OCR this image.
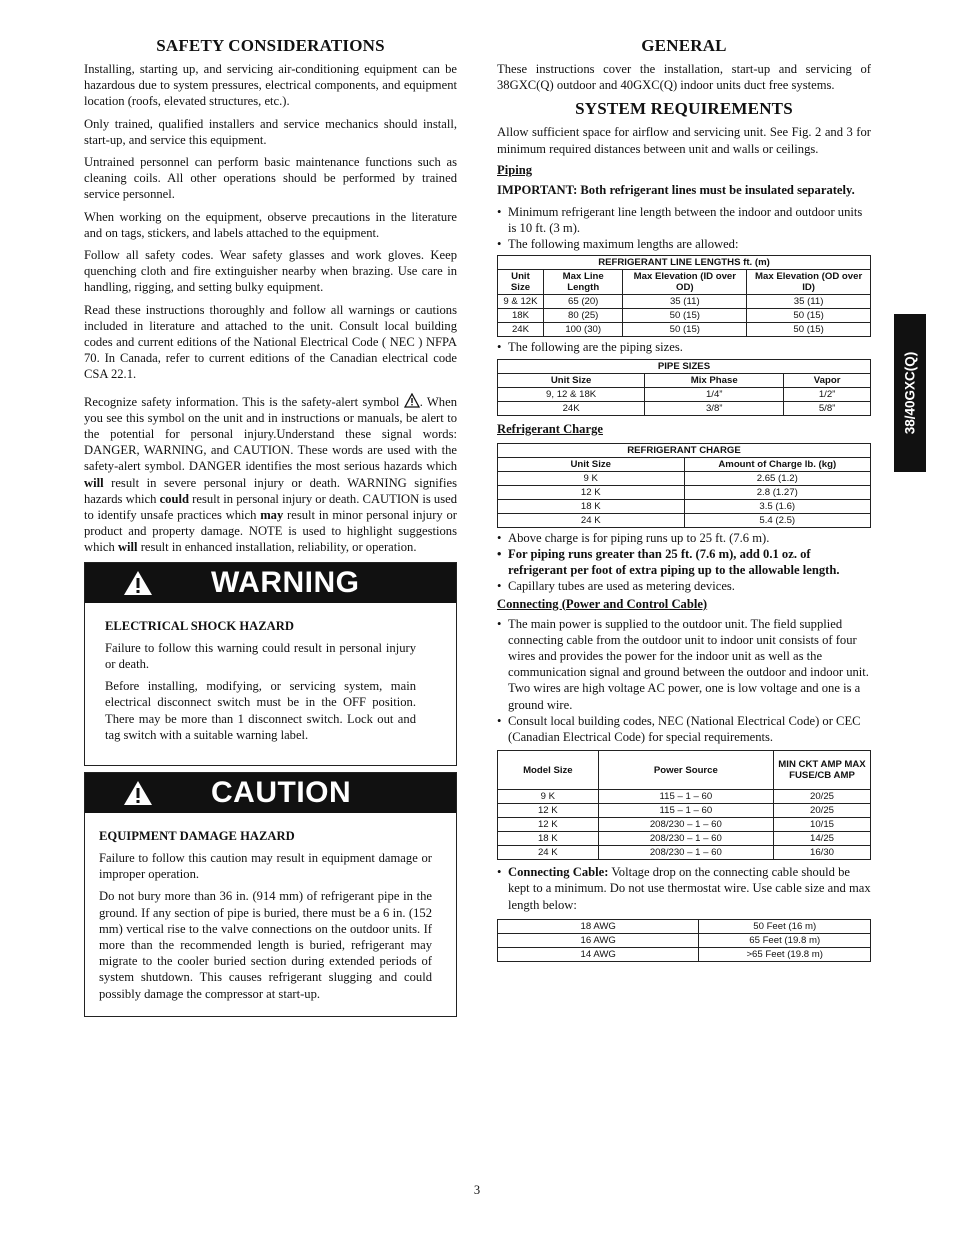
SAFETY CONSIDERATIONS

Installing, starting up, and servicing air-conditioning equipment can be hazardous due to system pressures, electrical components, and equipment location (roofs, elevated structures, etc.).

Only trained, qualified installers and service mechanics should install, start-up, and service this equipment.

Untrained personnel can perform basic maintenance functions such as cleaning coils. All other operations should be performed by trained service personnel.

When working on the equipment, observe precautions in the literature and on tags, stickers, and labels attached to the equipment.

Follow all safety codes. Wear safety glasses and work gloves. Keep quenching cloth and fire extinguisher nearby when brazing. Use care in handling, rigging, and setting bulky equipment.

Read these instructions thoroughly and follow all warnings or cautions included in literature and attached to the unit. Consult local building codes and current editions of the National Electrical Code ( NEC ) NFPA 70. In Canada, refer to current editions of the Canadian electrical code CSA 22.1.

Recognize safety information. This is the safety-alert symbol . When you see this symbol on the unit and in instructions or manuals, be alert to the potential for personal injury.Understand these signal words: DANGER, WARNING, and CAUTION. These words are used with the safety-alert symbol. DANGER identifies the most serious hazards which will result in severe personal injury or death. WARNING signifies hazards which could result in personal injury or death. CAUTION is used to identify unsafe practices which may result in minor personal injury or product and property damage. NOTE is used to highlight suggestions which will result in enhanced installation, reliability, or operation.

WARNING
ELECTRICAL SHOCK HAZARD

Failure to follow this warning could result in personal injury or death.

Before installing, modifying, or servicing system, main electrical disconnect switch must be in the OFF position. There may be more than 1 disconnect switch. Lock out and tag switch with a suitable warning label.

CAUTION
EQUIPMENT DAMAGE HAZARD

Failure to follow this caution may result in equipment damage or improper operation.

Do not bury more than 36 in. (914 mm) of refrigerant pipe in the ground. If any section of pipe is buried, there must be a 6 in. (152 mm) vertical rise to the valve connections on the outdoor units. If more than the recommended length is buried, refrigerant may migrate to the cooler buried section during extended periods of system shutdown. This causes refrigerant slugging and could possibly damage the compressor at start-up.

GENERAL

These instructions cover the installation, start-up and servicing of 38GXC(Q) outdoor and 40GXC(Q) indoor units duct free systems.

SYSTEM REQUIREMENTS

Allow sufficient space for airflow and servicing unit. See Fig. 2 and 3 for minimum required distances between unit and walls or ceilings.

Piping

IMPORTANT: Both refrigerant lines must be insulated separately.

• Minimum refrigerant line length between the indoor and outdoor units is 10 ft. (3 m).
• The following maximum lengths are allowed:
REFRIGERANT LINE LENGTHS ft. (m)			
Unit Size	Max Line Length	Max Elevation (ID over OD)	Max Elevation (OD over ID)
9 & 12K	65 (20)	35 (11)	35 (11)
18K	80 (25)	50 (15)	50 (15)
24K	100 (30)	50 (15)	50 (15)
• The following are the piping sizes.
PIPE SIZES		
Unit Size	Mix Phase	Vapor
9, 12 & 18K	1/4”	1/2”
24K	3/8”	5/8”
Refrigerant Charge
REFRIGERANT CHARGE	
Unit Size	Amount of Charge lb. (kg)
9 K	2.65 (1.2)
12 K	2.8 (1.27)
18 K	3.5 (1.6)
24 K	5.4 (2.5)
• Above charge is for piping runs up to 25 ft. (7.6 m).
• For piping runs greater than 25 ft. (7.6 m), add 0.1 oz. of refrigerant per foot of extra piping up to the allowable length.
• Capillary tubes are used as metering devices.
Connecting (Power and Control Cable)
• The main power is supplied to the outdoor unit. The field supplied connecting cable from the outdoor unit to indoor unit consists of four wires and provides the power for the indoor unit as well as the communication signal and ground between the outdoor and indoor unit.
Two wires are high voltage AC power, one is low voltage and one is a ground wire.
• Consult local building codes, NEC (National Electrical Code) or CEC (Canadian Electrical Code) for special requirements.
Model Size	Power Source	MIN CKT AMP MAX FUSE/CB AMP
9 K	115 – 1 – 60	20/25
12 K	115 – 1 – 60	20/25
12 K	208/230 – 1 – 60	10/15
18 K	208/230 – 1 – 60	14/25
24 K	208/230 – 1 – 60	16/30
• Connecting Cable: Voltage drop on the connecting cable should be kept to a minimum. Do not use thermostat wire. Use cable size and max length below:
18 AWG	50 Feet (16 m)
16 AWG	65 Feet (19.8 m)
14 AWG	>65 Feet (19.8 m)
38/40GXC(Q)
3
